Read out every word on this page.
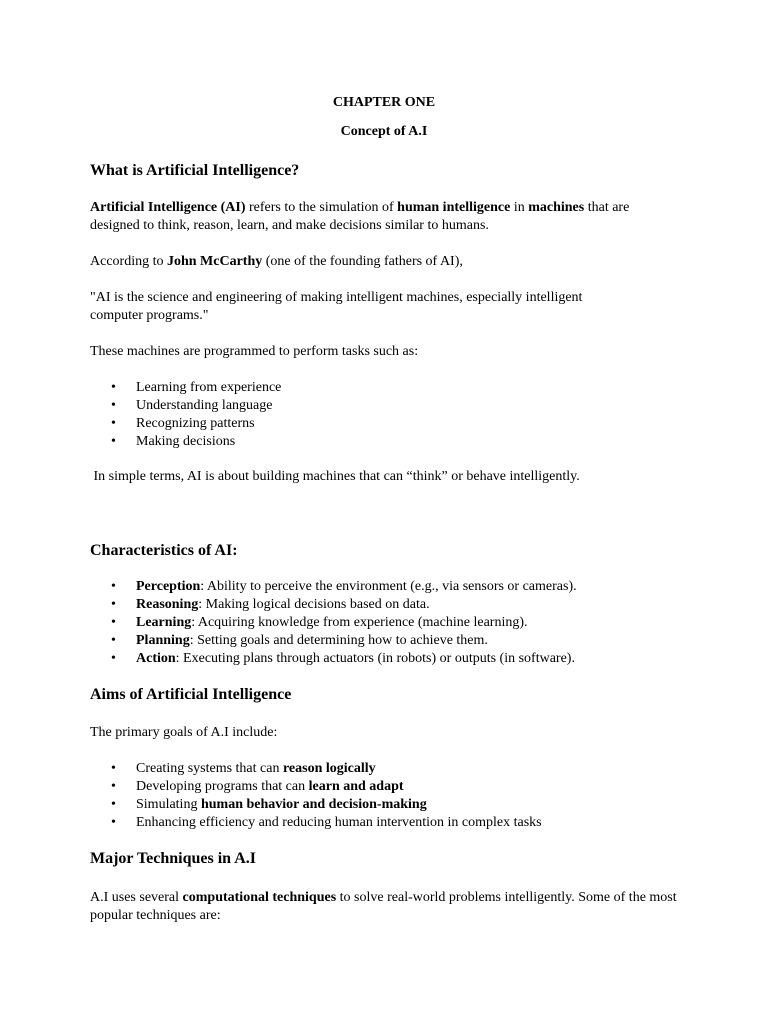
CHAPTER ONE
Concept of A.I
What is Artificial Intelligence?
Artificial Intelligence (AI) refers to the simulation of human intelligence in machines that are designed to think, reason, learn, and make decisions similar to humans.
According to John McCarthy (one of the founding fathers of AI),
"AI is the science and engineering of making intelligent machines, especially intelligent computer programs."
These machines are programmed to perform tasks such as:
• Learning from experience
• Understanding language
• Recognizing patterns
• Making decisions
In simple terms, AI is about building machines that can “think” or behave intelligently.
Characteristics of AI:
• Perception: Ability to perceive the environment (e.g., via sensors or cameras).
• Reasoning: Making logical decisions based on data.
• Learning: Acquiring knowledge from experience (machine learning).
• Planning: Setting goals and determining how to achieve them.
• Action: Executing plans through actuators (in robots) or outputs (in software).
Aims of Artificial Intelligence
The primary goals of A.I include:
• Creating systems that can reason logically
• Developing programs that can learn and adapt
• Simulating human behavior and decision-making
• Enhancing efficiency and reducing human intervention in complex tasks
Major Techniques in A.I
A.I uses several computational techniques to solve real-world problems intelligently. Some of the most popular techniques are:
